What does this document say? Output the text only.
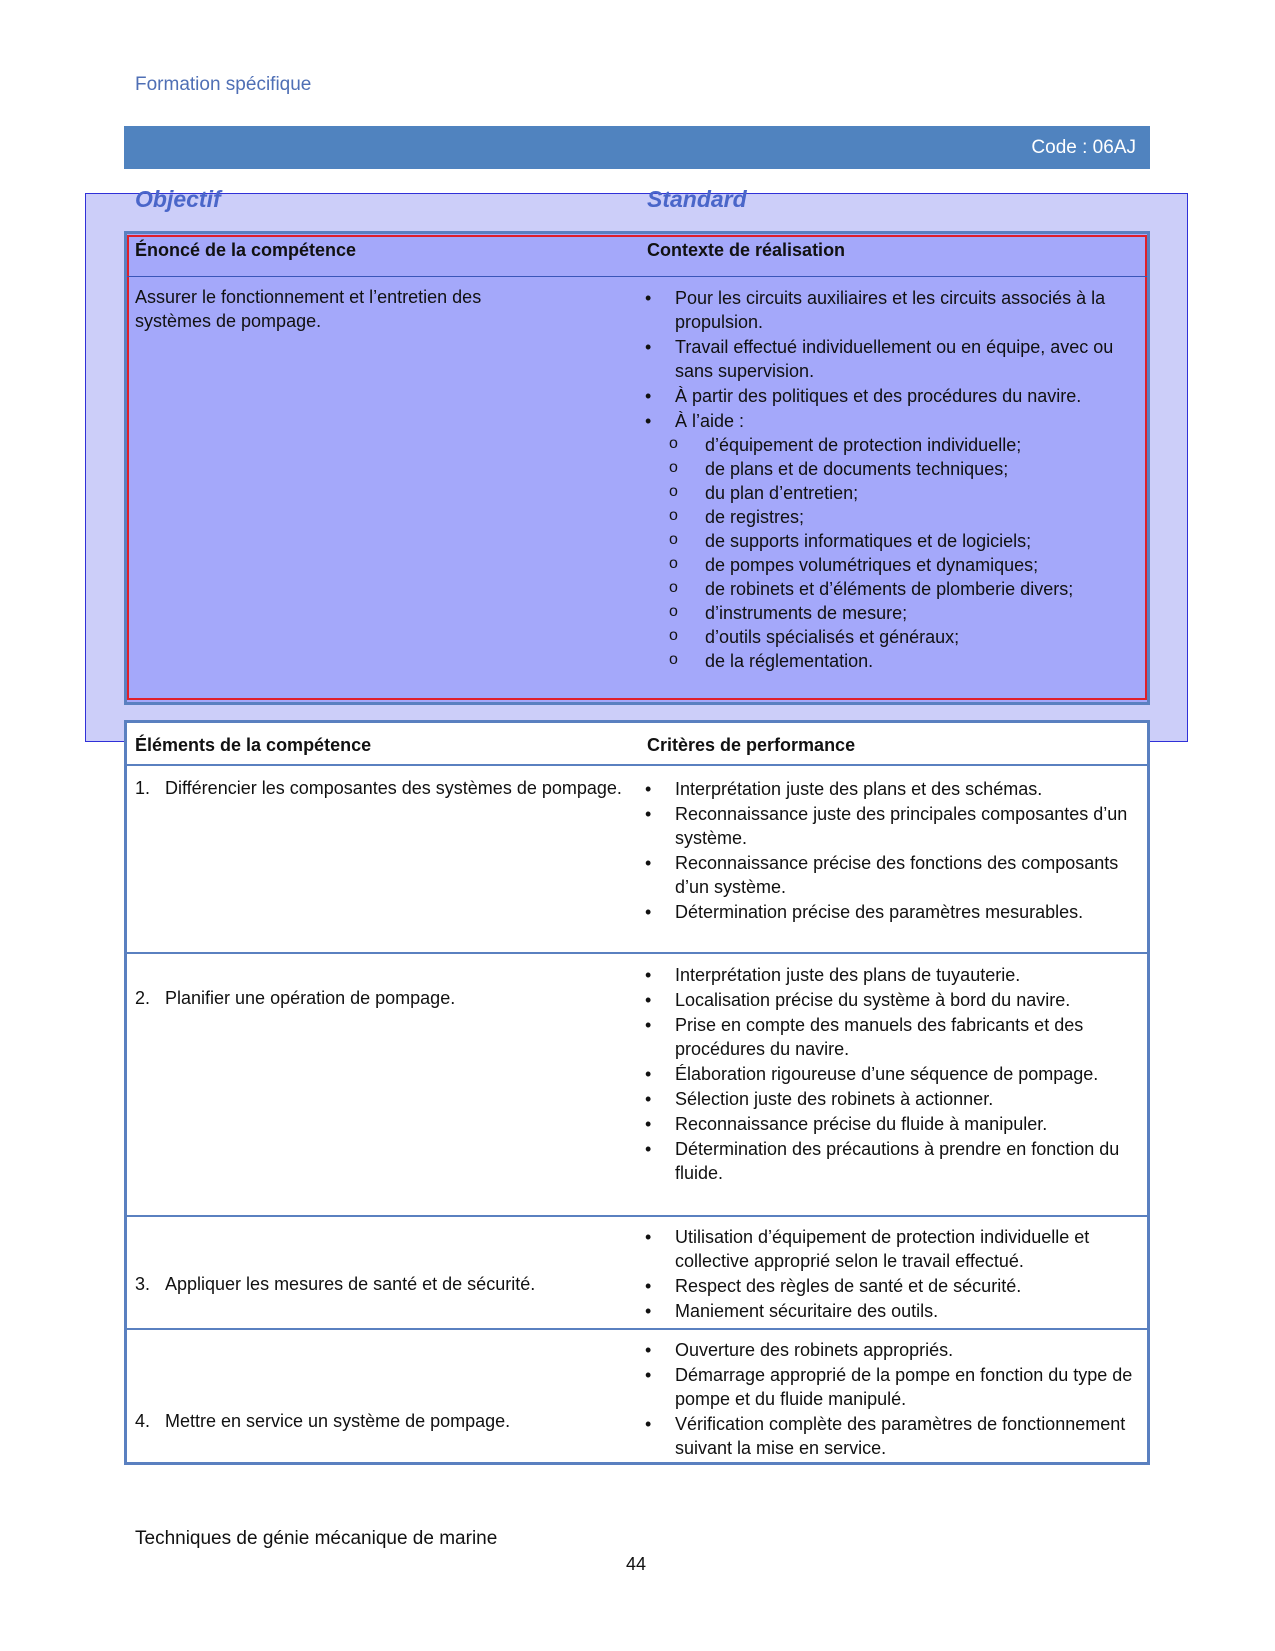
Formation spécifique
Code : 06AJ
Objectif	Standard
Énoncé de la compétence	Contexte de réalisation
Assurer le fonctionnement et l’entretien des systèmes de pompage.
• Pour les circuits auxiliaires et les circuits associés à la propulsion.
• Travail effectué individuellement ou en équipe, avec ou sans supervision.
• À partir des politiques et des procédures du navire.
• À l’aide :
o d’équipement de protection individuelle;
o de plans et de documents techniques;
o du plan d’entretien;
o de registres;
o de supports informatiques et de logiciels;
o de pompes volumétriques et dynamiques;
o de robinets et d’éléments de plomberie divers;
o d’instruments de mesure;
o d’outils spécialisés et généraux;
o de la réglementation.
Éléments de la compétence	Critères de performance
1. Différencier les composantes des systèmes de pompage.	• Interprétation juste des plans et des schémas.
• Reconnaissance juste des principales composantes d’un système.
• Reconnaissance précise des fonctions des composants d’un système.
• Détermination précise des paramètres mesurables.
2. Planifier une opération de pompage.
• Interprétation juste des plans de tuyauterie.
• Localisation précise du système à bord du navire.
• Prise en compte des manuels des fabricants et des procédures du navire.
• Élaboration rigoureuse d’une séquence de pompage.
• Sélection juste des robinets à actionner.
• Reconnaissance précise du fluide à manipuler.
• Détermination des précautions à prendre en fonction du fluide.
3. Appliquer les mesures de santé et de sécurité.
• Utilisation d’équipement de protection individuelle et collective approprié selon le travail effectué.
• Respect des règles de santé et de sécurité.
• Maniement sécuritaire des outils.
4. Mettre en service un système de pompage.
• Ouverture des robinets appropriés.
• Démarrage approprié de la pompe en fonction du type de pompe et du fluide manipulé.
• Vérification complète des paramètres de fonctionnement suivant la mise en service.
Techniques de génie mécanique de marine
44
